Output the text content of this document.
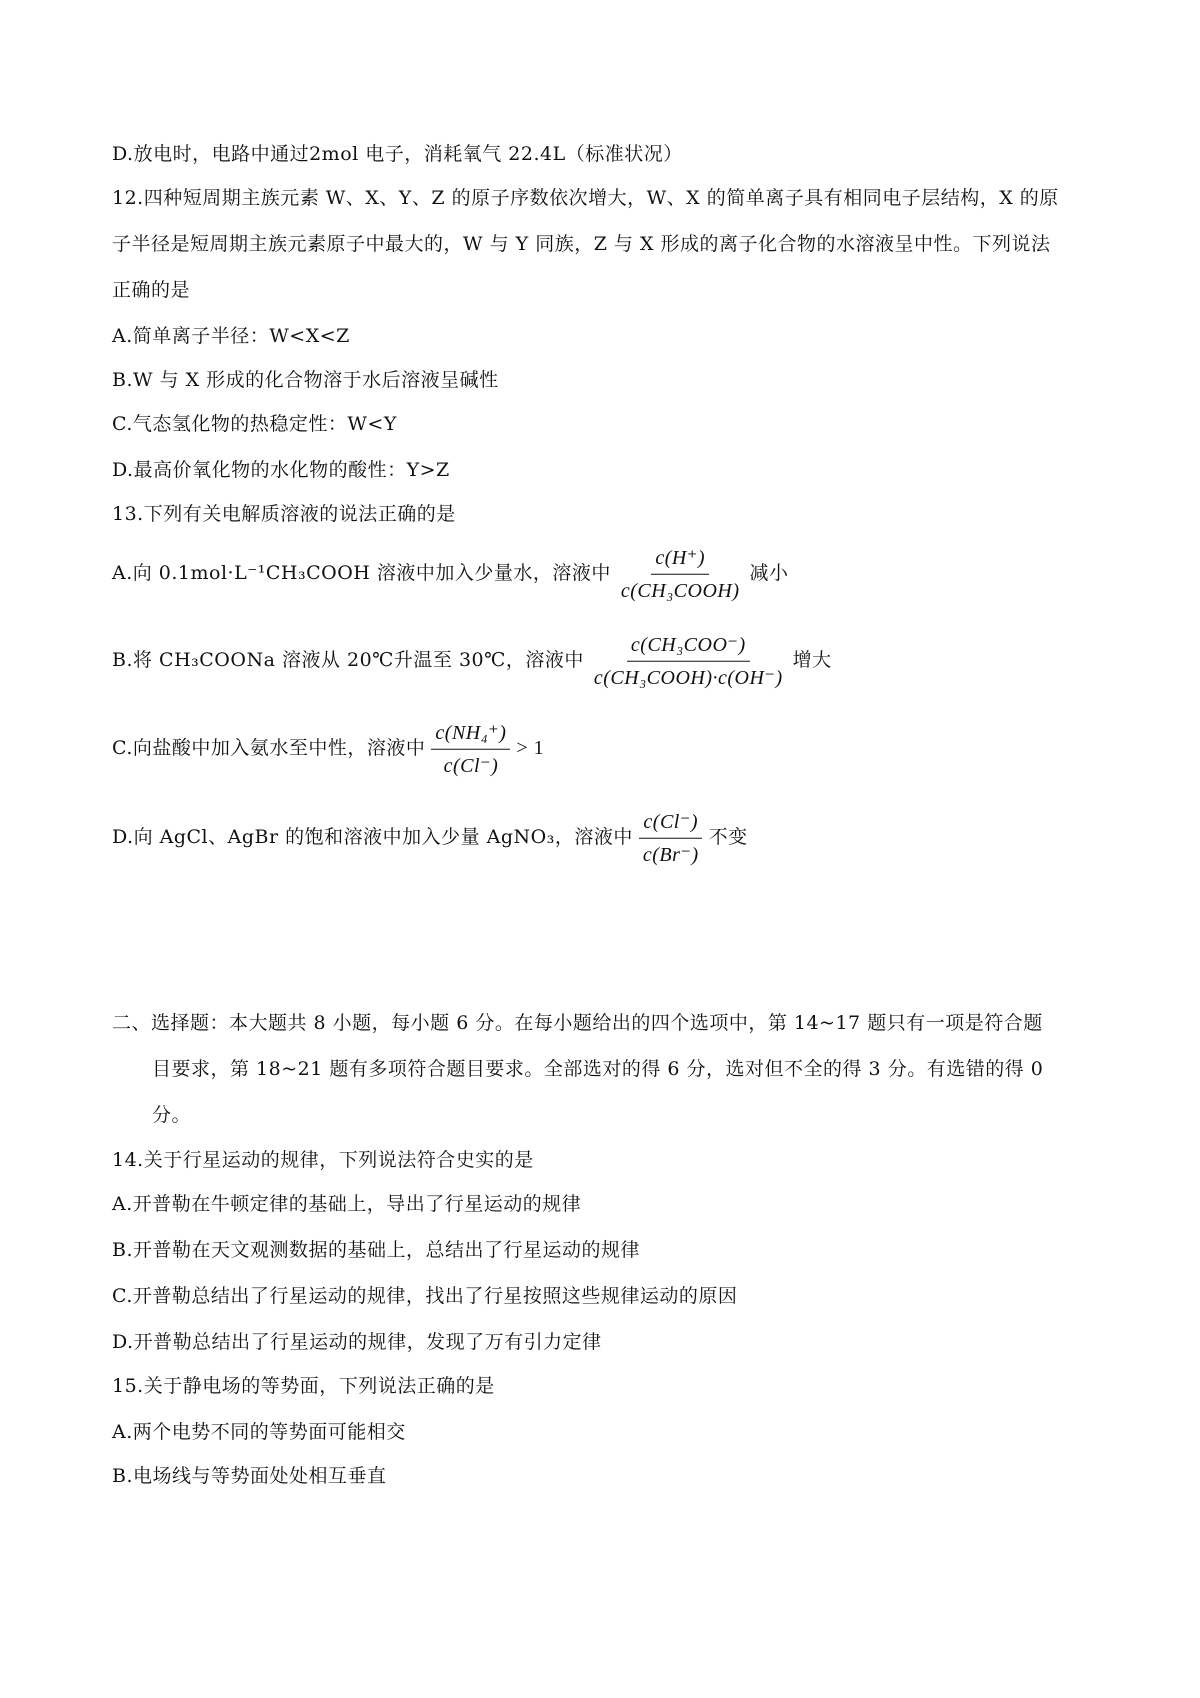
D.放电时，电路中通过2mol 电子，消耗氧气 22.4L（标准状况）
12.四种短周期主族元素 W、X、Y、Z 的原子序数依次增大，W、X 的简单离子具有相同电子层结构，X 的原
子半径是短周期主族元素原子中最大的，W 与 Y 同族，Z 与 X 形成的离子化合物的水溶液呈中性。下列说法
正确的是
A.简单离子半径：W<X<Z
B.W 与 X 形成的化合物溶于水后溶液呈碱性
C.气态氢化物的热稳定性：W<Y
D.最高价氧化物的水化物的酸性：Y>Z
13.下列有关电解质溶液的说法正确的是
A.向 0.1mol·L⁻¹CH₃COOH 溶液中加入少量水，溶液中 $\frac{c(H^+)}{\text{c(CH₃COOH)}}$ 减小
B.将 CH₃COONa 溶液从 20℃升温至 30℃，溶液中 $\frac{\text{c(CH₃COO⁻)}}{\text{c(CH₃COOH)·c(OH⁻)}}$ 增大
C.向盐酸中加入氨水至中性，溶液中 $\frac{\text{c(NH₄⁺)}}{c(Cl^-)} > 1$
D.向 AgCl、AgBr 的饱和溶液中加入少量 AgNO₃，溶液中 $\frac{c(Cl^-)}{c(Br^-)}$ 不变
二、选择题：本大题共 8 小题，每小题 6 分。在每小题给出的四个选项中，第 14~17 题只有一项是符合题
目要求，第 18~21 题有多项符合题目要求。全部选对的得 6 分，选对但不全的得 3 分。有选错的得 0
分。
14.关于行星运动的规律，下列说法符合史实的是
A.开普勒在牛顿定律的基础上，导出了行星运动的规律
B.开普勒在天文观测数据的基础上，总结出了行星运动的规律
C.开普勒总结出了行星运动的规律，找出了行星按照这些规律运动的原因
D.开普勒总结出了行星运动的规律，发现了万有引力定律
15.关于静电场的等势面，下列说法正确的是
A.两个电势不同的等势面可能相交
B.电场线与等势面处处相互垂直
